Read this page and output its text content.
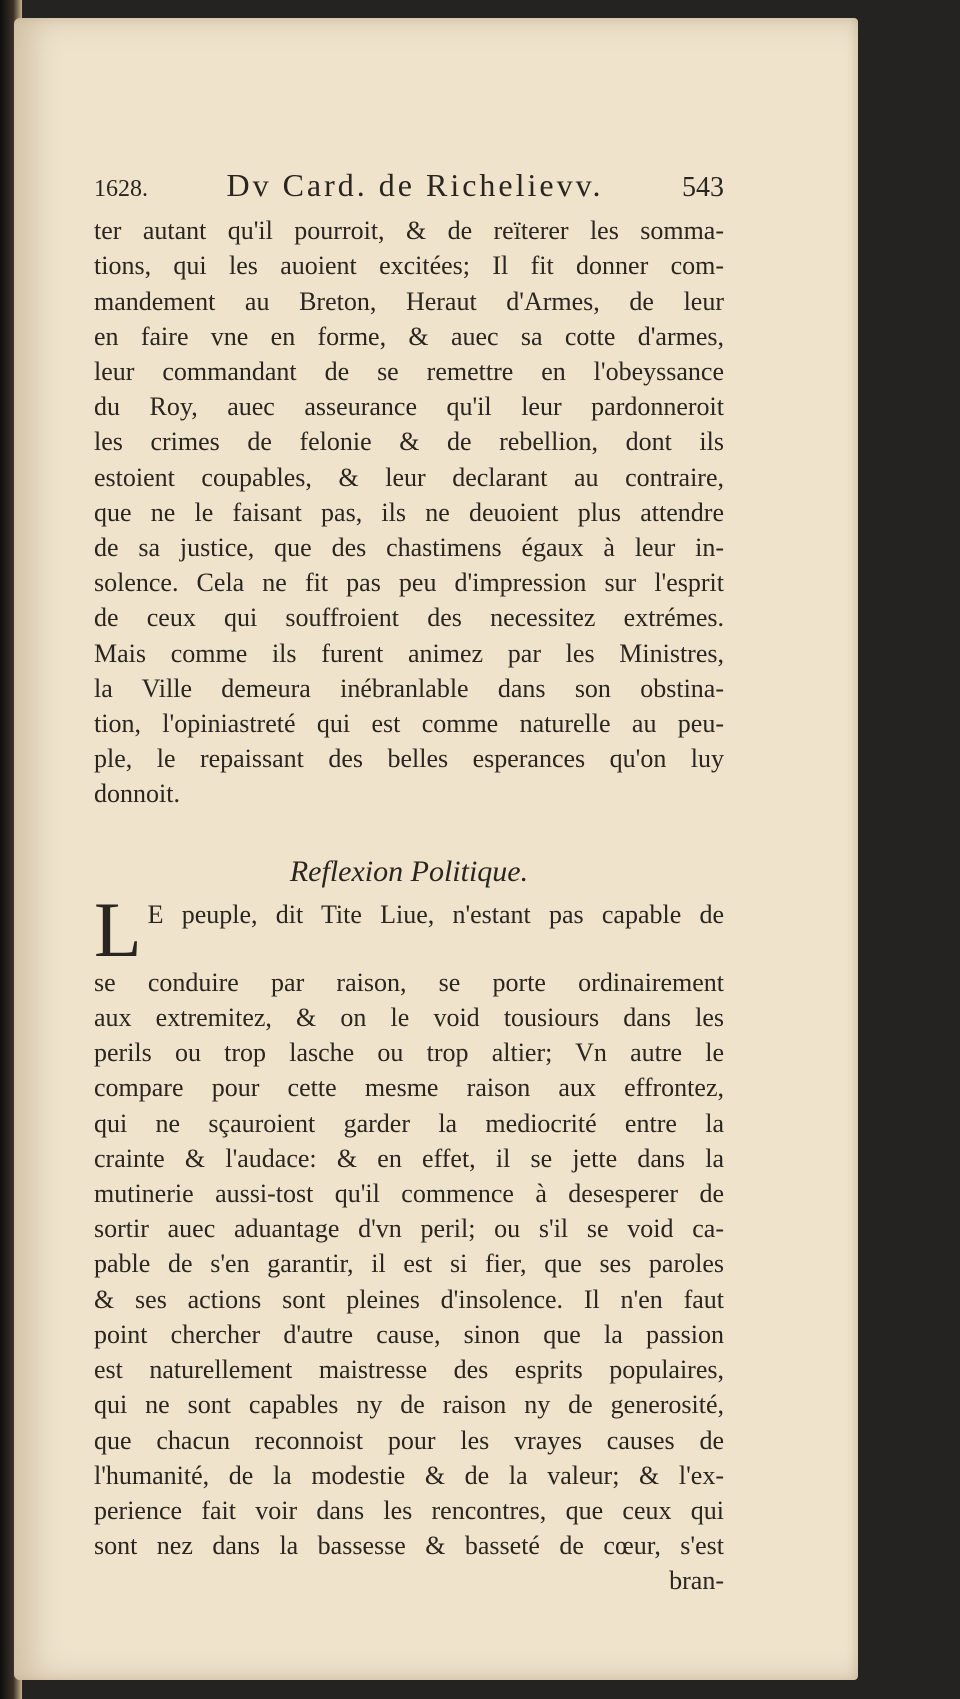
1628. Dv Card. de Richelievv.	543
ter autant qu'il pourroit, & de reïterer les somma-
tions, qui les auoient excitées; Il fit donner com-
mandement au Breton, Heraut d'Armes, de leur
en faire vne en forme, & auec sa cotte d'armes,
leur commandant de se remettre en l'obeyssance
du Roy, auec asseurance qu'il leur pardonneroit
les crimes de felonie & de rebellion, dont ils
estoient coupables, & leur declarant au contraire,
que ne le faisant pas, ils ne deuoient plus attendre
de sa justice, que des chastimens égaux à leur in-
solence. Cela ne fit pas peu d'impression sur l'esprit
de ceux qui souffroient des necessitez extrémes.
Mais comme ils furent animez par les Ministres,
la Ville demeura inébranlable dans son obstina-
tion, l'opiniastreté qui est comme naturelle au peu-
ple, le repaissant des belles esperances qu'on luy
donnoit.
Reflexion Politique.
L E peuple, dit Tite Liue, n'estant pas capable de
se conduire par raison, se porte ordinairement
aux extremitez, & on le void tousiours dans les
perils ou trop lasche ou trop altier; Vn autre le
compare pour cette mesme raison aux effrontez,
qui ne sçauroient garder la mediocrité entre la
crainte & l'audace: & en effet, il se jette dans la
mutinerie aussi-tost qu'il commence à desesperer de
sortir auec aduantage d'vn peril; ou s'il se void ca-
pable de s'en garantir, il est si fier, que ses paroles
& ses actions sont pleines d'insolence. Il n'en faut
point chercher d'autre cause, sinon que la passion
est naturellement maistresse des esprits populaires,
qui ne sont capables ny de raison ny de generosité,
que chacun reconnoist pour les vrayes causes de
l'humanité, de la modestie & de la valeur; & l'ex-
perience fait voir dans les rencontres, que ceux qui
sont nez dans la bassesse & basseté de cœur, s'est
bran-
